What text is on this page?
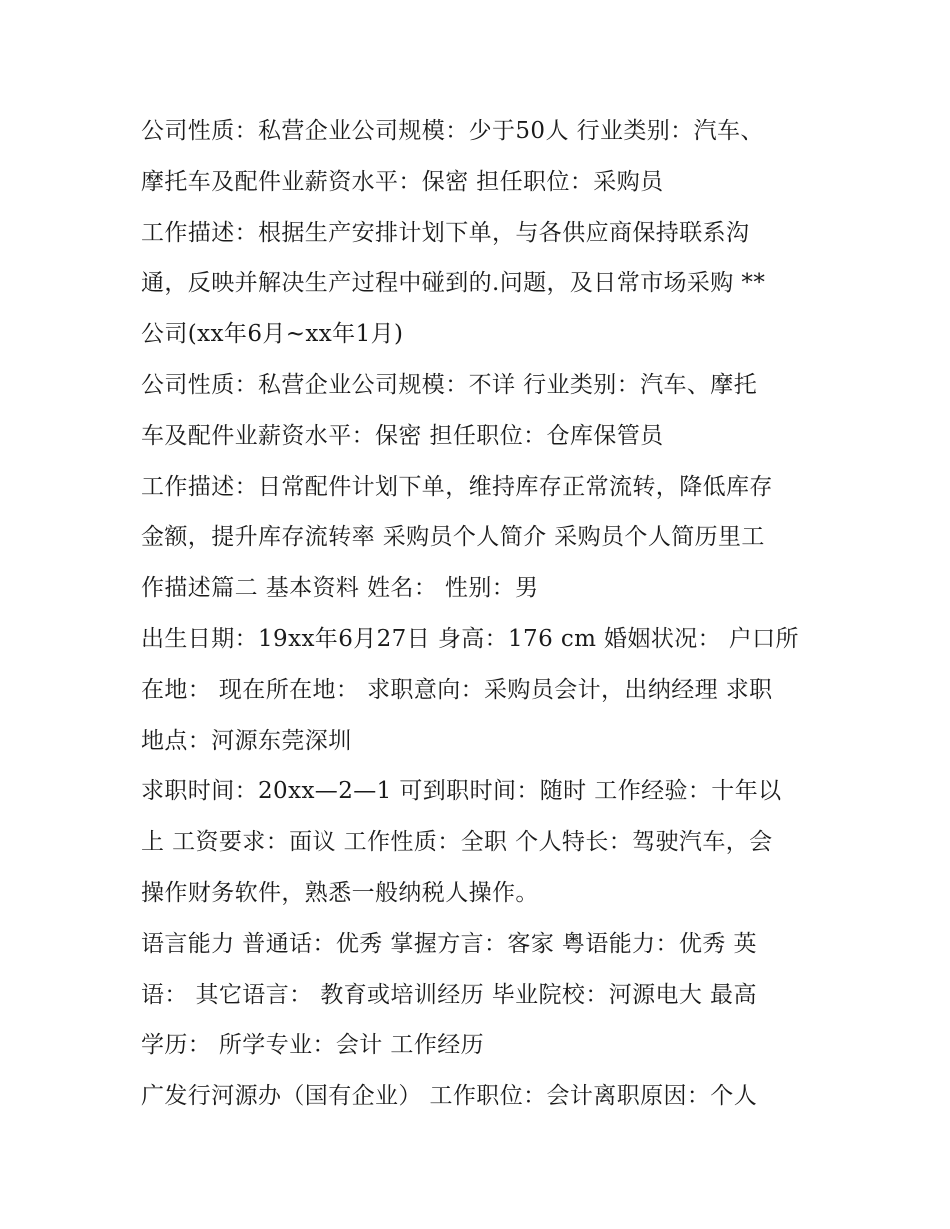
公司性质：私营企业公司规模：少于50人 行业类别：汽车、
摩托车及配件业薪资水平：保密 担任职位：采购员
工作描述：根据生产安排计划下单，与各供应商保持联系沟
通，反映并解决生产过程中碰到的.问题，及日常市场采购 **
公司(xx年6月~xx年1月)
公司性质：私营企业公司规模：不详 行业类别：汽车、摩托
车及配件业薪资水平：保密 担任职位：仓库保管员
工作描述：日常配件计划下单，维持库存正常流转，降低库存
金额，提升库存流转率 采购员个人简介 采购员个人简历里工
作描述篇二 基本资料 姓名： 性别：男
出生日期：19xx年6月27日 身高：176 cm 婚姻状况： 户口所
在地： 现在所在地： 求职意向：采购员会计，出纳经理 求职
地点：河源东莞深圳
求职时间：20xx—2—1 可到职时间：随时 工作经验：十年以
上 工资要求：面议 工作性质：全职 个人特长：驾驶汽车，会
操作财务软件，熟悉一般纳税人操作。
语言能力 普通话：优秀 掌握方言：客家 粤语能力：优秀 英
语： 其它语言： 教育或培训经历 毕业院校：河源电大 最高
学历： 所学专业：会计 工作经历
广发行河源办（国有企业） 工作职位：会计离职原因：个人
